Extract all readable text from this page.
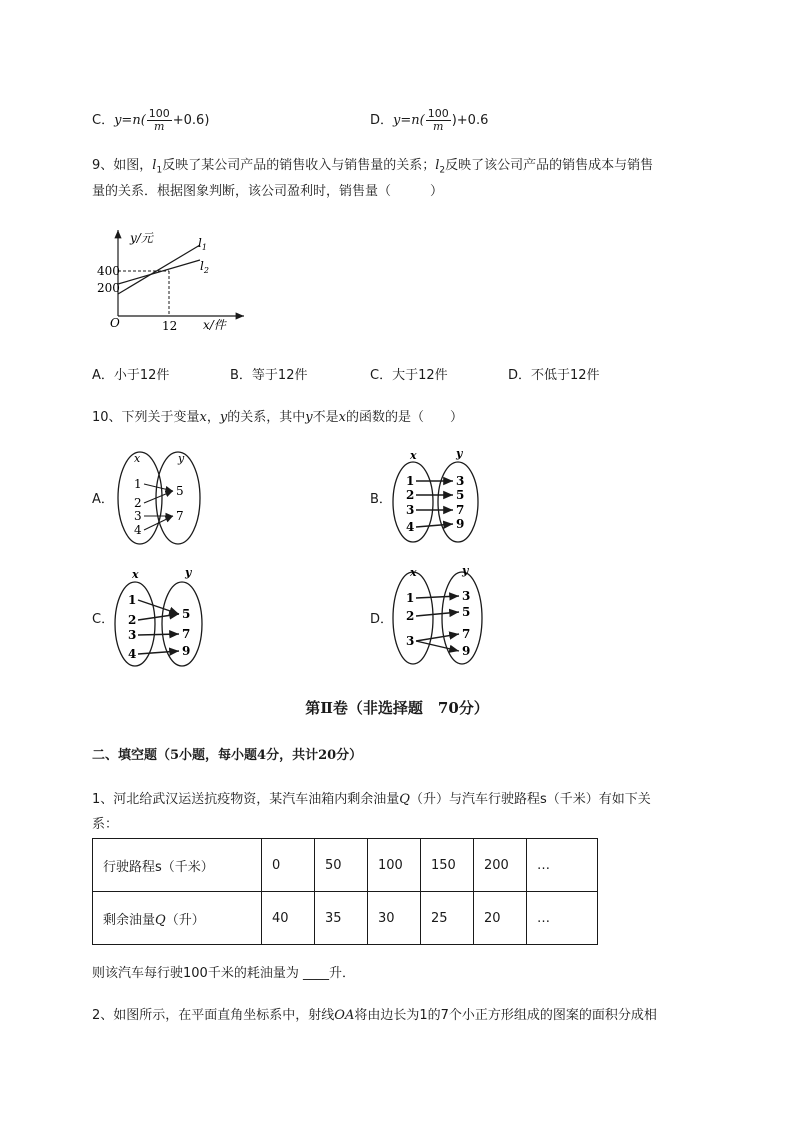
C．$y=n( \frac{100}{m} +0.6)$	D．$y=n( \frac{100}{m} )+0.6$
9、如图，$l_1$反映了某公司产品的销售收入与销售量的关系；$l_2$反映了该公司产品的销售成本与销售
量的关系．根据图象判断，该公司盈利时，销售量（　　　）
y/元
x/件
O
400
200
12
$l_1$
$l_2$
A．小于12件	B．等于12件	C．大于12件	D．不低于12件
10、下列关于变量x，y的关系，其中y不是x的函数的是（　　）
A．	B．
C．	D．
x	y
1
2
3
4
5
7
x	y
1
2
3
4
3
5
7
9
x	y
1
2
3
4
5
7
9
x	y
1
2
3
3
5
7
9
第Ⅱ卷（非选择题　70分）
二、填空题（5小题，每小题4分，共计20分）
1、河北给武汉运送抗疫物资，某汽车油箱内剩余油量Q（升）与汽车行驶路程s（千米）有如下关
系：
行驶路程s（千米）	0	50	100	150	200	…
剩余油量Q（升）	40	35	30	25	20	…
则该汽车每行驶100千米的耗油量为 ____升．
2、如图所示，在平面直角坐标系中，射线OA将由边长为1的7个小正方形组成的图案的面积分成相
